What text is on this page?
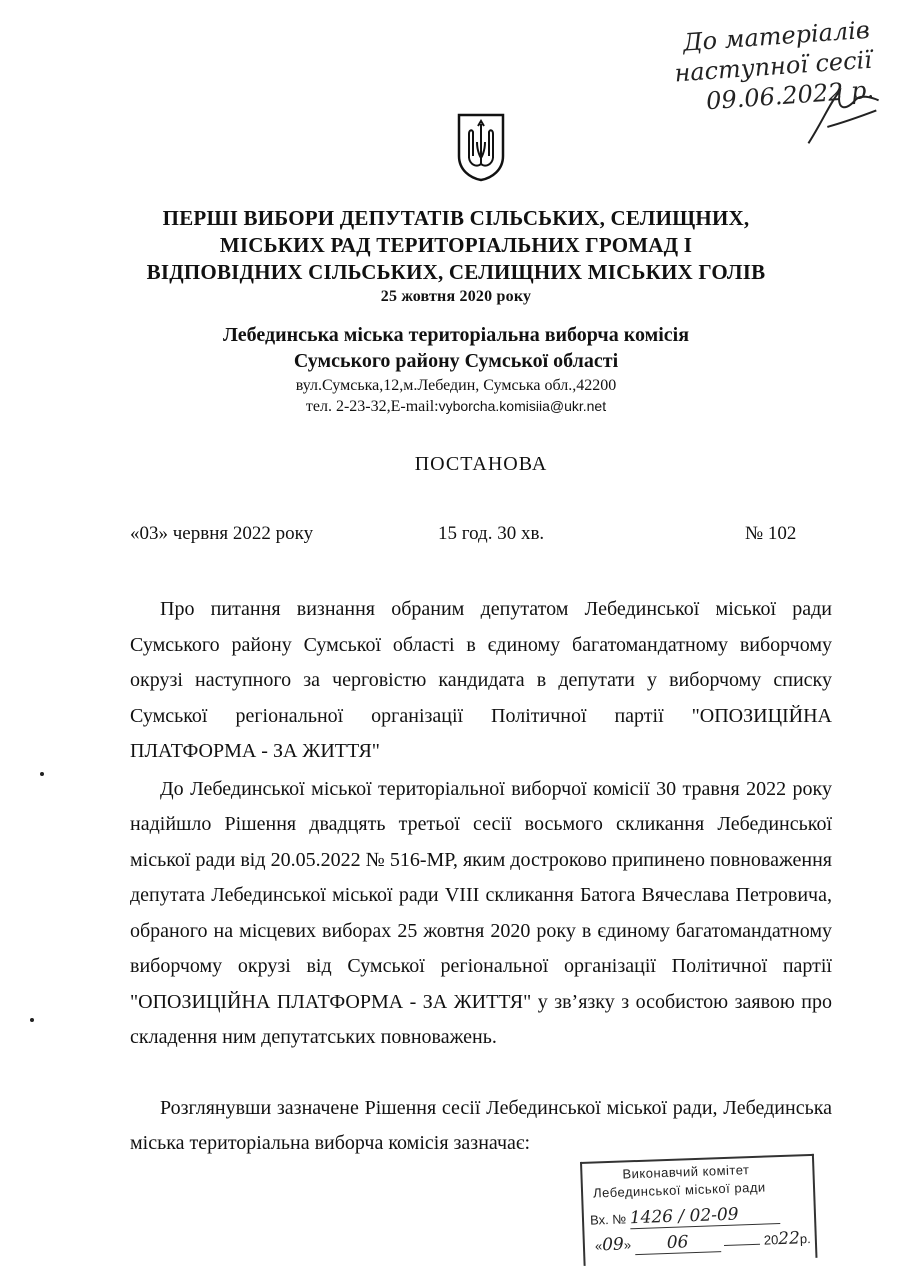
До матеріалів
наступної сесії
09.06.2022 р.
ПЕРШІ ВИБОРИ ДЕПУТАТІВ СІЛЬСЬКИХ, СЕЛИЩНИХ,
МІСЬКИХ РАД ТЕРИТОРІАЛЬНИХ ГРОМАД І
ВІДПОВІДНИХ СІЛЬСЬКИХ, СЕЛИЩНИХ МІСЬКИХ ГОЛІВ
25 жовтня 2020 року
Лебединська міська територіальна виборча комісія
Сумського району Сумської області
вул.Сумська,12,м.Лебедин, Сумська обл.,42200
тел. 2-23-32,E-mail:vyborcha.komisiia@ukr.net
ПОСТАНОВА
«03» червня 2022 року	15 год. 30 хв.	№ 102

Про питання визнання обраним депутатом Лебединської міської ради Сумського району Сумської області в єдиному багатомандатному виборчому окрузі наступного за черговістю кандидата в депутати у виборчому списку Сумської регіональної організації Політичної партії "ОПОЗИЦІЙНА ПЛАТФОРМА - ЗА ЖИТТЯ"

До Лебединської міської територіальної виборчої комісії 30 травня 2022 року надійшло Рішення двадцять третьої сесії восьмого скликання Лебединської міської ради від 20.05.2022 № 516-МР, яким достроково припинено повноваження депутата Лебединської міської ради VIII скликання Батога Вячеслава Петровича, обраного на місцевих виборах 25 жовтня 2020 року в єдиному багатомандатному виборчому окрузі від Сумської регіональної організації Політичної партії "ОПОЗИЦІЙНА ПЛАТФОРМА - ЗА ЖИТТЯ" у зв’язку з особистою заявою про складення ним депутатських повноважень.

Розглянувши зазначене Рішення сесії Лебединської міської ради, Лебединська міська територіальна виборча комісія зазначає:

Виконавчий комітет
Лебединської міської ради
Вх. № 1426 / 02-09
«09» 06	2022р.
